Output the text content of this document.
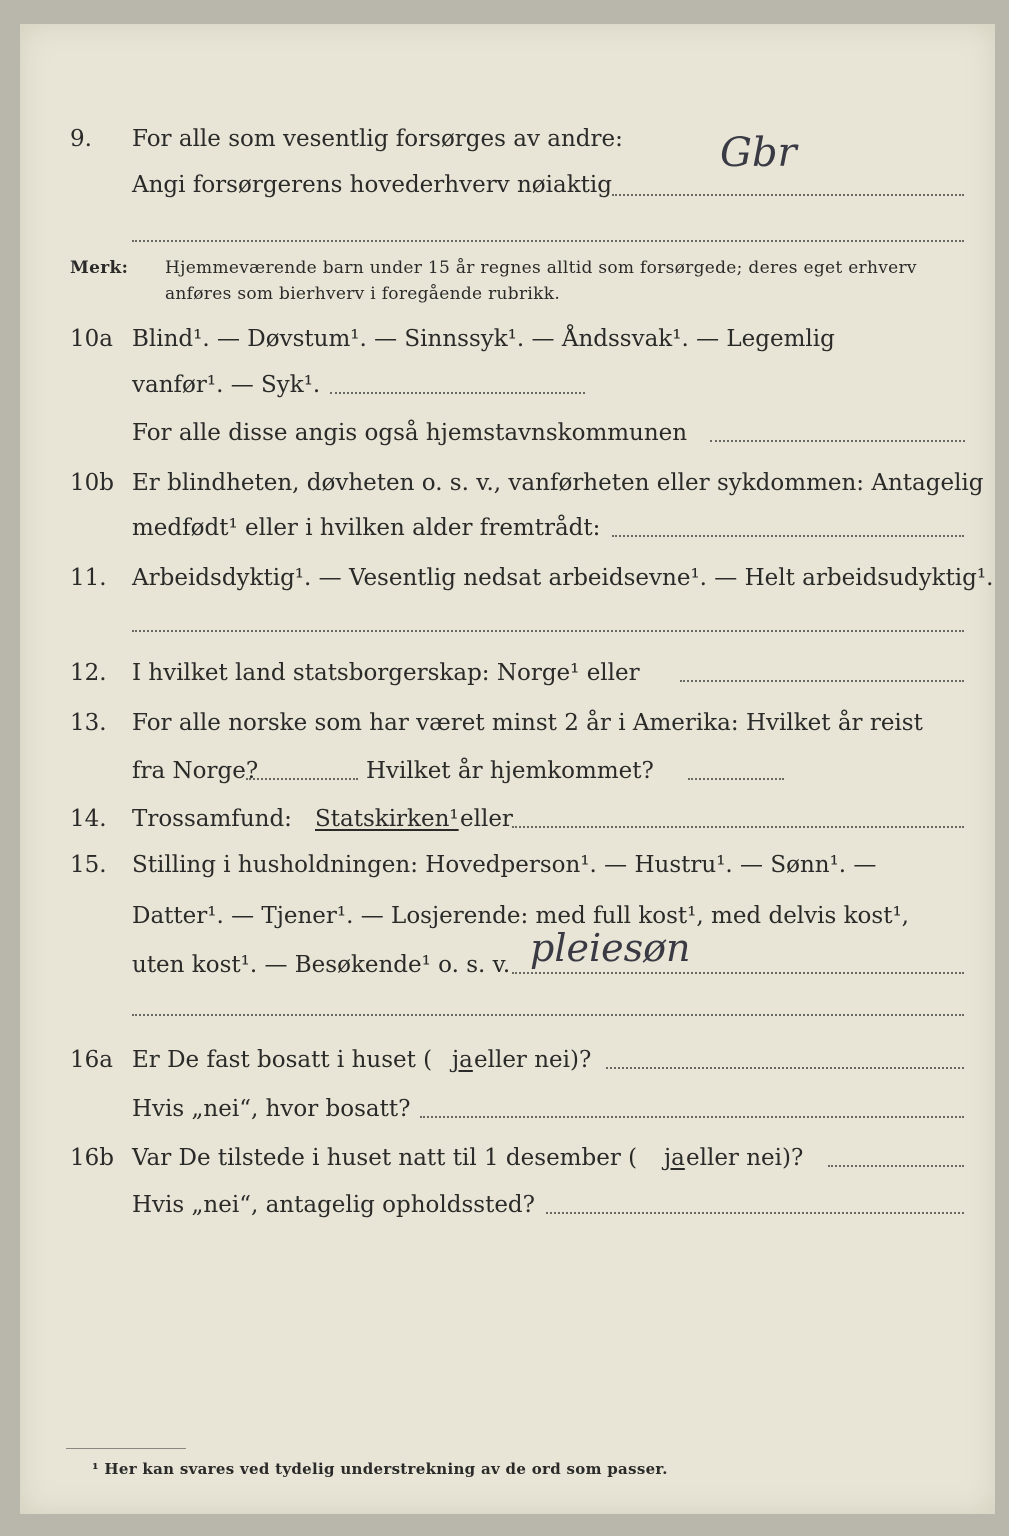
9. For alle som vesentlig forsørges av andre:
Angi forsørgerens hovederhverv nøiaktig
Gbr
Merk: Hjemmeværende barn under 15 år regnes alltid som forsørgede; deres eget erhverv
anføres som bierhverv i foregående rubrikk.
10a Blind¹. — Døvstum¹. — Sinnssyk¹. — Åndssvak¹. — Legemlig
vanfør¹. — Syk¹.
For alle disse angis også hjemstavnskommunen
10b Er blindheten, døvheten o. s. v., vanførheten eller sykdommen: Antagelig
medfødt¹ eller i hvilken alder fremtrådt:
11. Arbeidsdyktig¹. — Vesentlig nedsat arbeidsevne¹. — Helt arbeidsudyktig¹.
12. I hvilket land statsborgerskap: Norge¹ eller
13. For alle norske som har været minst 2 år i Amerika: Hvilket år reist
fra Norge?	Hvilket år hjemkommet?
14. Trossamfund: Statskirken¹ eller
15. Stilling i husholdningen: Hovedperson¹. — Hustru¹. — Sønn¹. —
Datter¹. — Tjener¹. — Losjerende: med full kost¹, med delvis kost¹,
uten kost¹. — Besøkende¹ o. s. v. pleiesøn
16a Er De fast bosatt i huset ( ja eller nei)?
Hvis „nei“, hvor bosatt?
16b Var De tilstede i huset natt til 1 desember ( ja eller nei)?
Hvis „nei“, antagelig opholdssted?
¹ Her kan svares ved tydelig understrekning av de ord som passer.
